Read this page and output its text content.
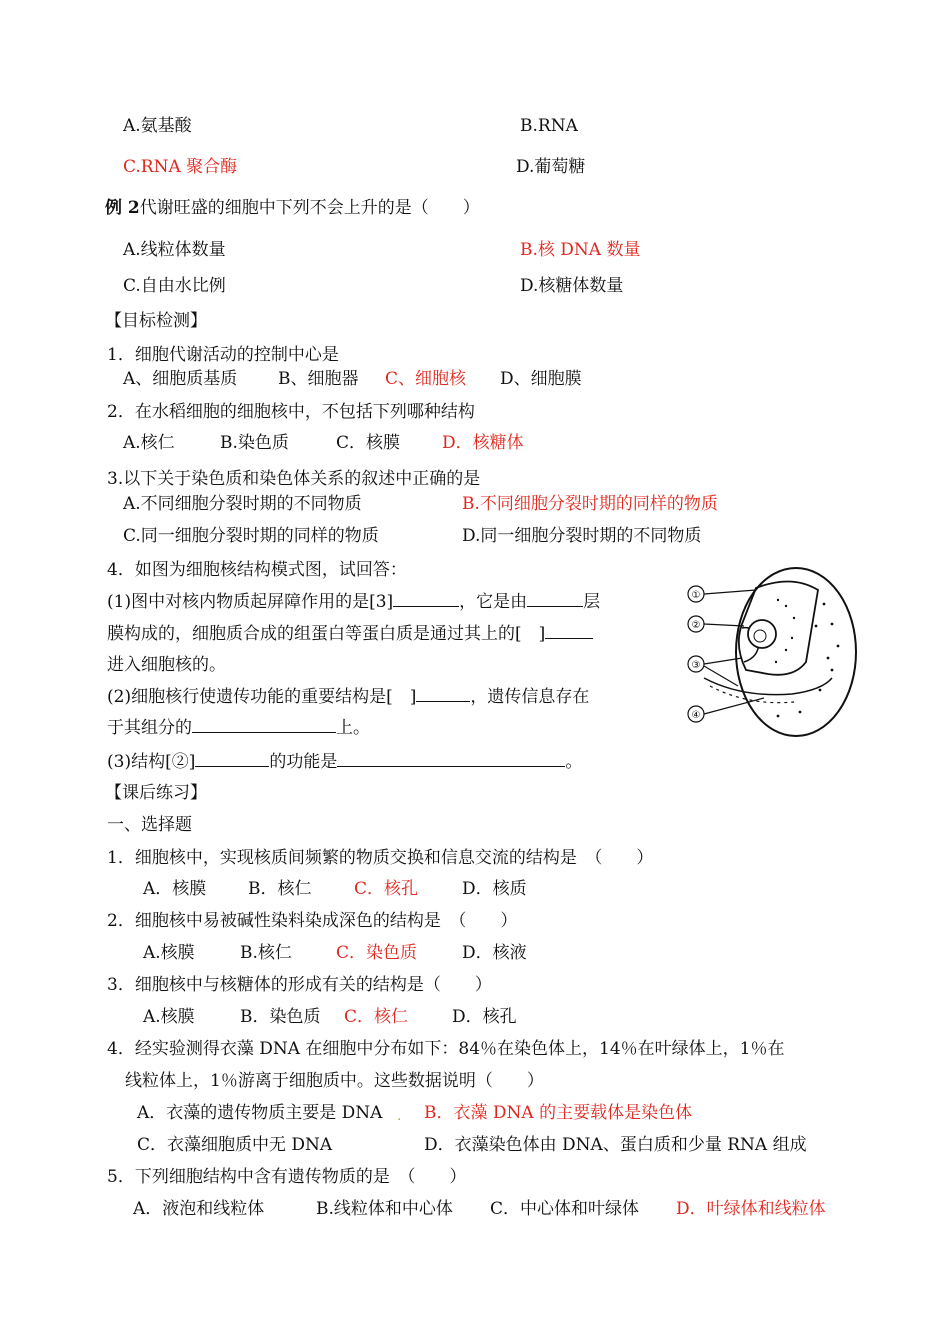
A.氨基酸	B.RNA
C.RNA 聚合酶	D.葡萄糖
例 2代谢旺盛的细胞中下列不会上升的是（　　）
A.线粒体数量	B.核 DNA 数量
C.自由水比例	D.核糖体数量
【目标检测】
1．细胞代谢活动的控制中心是
A、细胞质基质 B、细胞器 C、细胞核 D、细胞膜
2．在水稻细胞的细胞核中，不包括下列哪种结构
A.核仁	B.染色质	C．核膜 D．核糖体
3.以下关于染色质和染色体关系的叙述中正确的是
A.不同细胞分裂时期的不同物质	B.不同细胞分裂时期的同样的物质
C.同一细胞分裂时期的同样的物质	D.同一细胞分裂时期的不同物质
4．如图为细胞核结构模式图，试回答：
(1)图中对核内物质起屏障作用的是[3]	，它是由	层
膜构成的，细胞质合成的组蛋白等蛋白质是通过其上的[　]
进入细胞核的。
(2)细胞核行使遗传功能的重要结构是[　]	，遗传信息存在
于其组分的	上。
(3)结构[②]	的功能是	。
①
②
③
④
【课后练习】
一、选择题
1．细胞核中，实现核质间频繁的物质交换和信息交流的结构是　（　　）
A．核膜 B．核仁	C．核孔	D．核质
2．细胞核中易被碱性染料染成深色的结构是　（　　）
A.核膜	B.核仁	C．染色质	D．核液
3．细胞核中与核糖体的形成有关的结构是（　　）
A.核膜	B．染色质 C．核仁	D．核孔
4．经实验测得衣藻 DNA 在细胞中分布如下：84％在染色体上，14％在叶绿体上，1％在
线粒体上，1％游离于细胞质中。这些数据说明（　　）
A．衣藻的遗传物质主要是 DNA . B．衣藻 DNA 的主要载体是染色体
C．衣藻细胞质中无 DNA	D．衣藻染色体由 DNA、蛋白质和少量 RNA 组成
5．下列细胞结构中含有遗传物质的是　（　　）
A．液泡和线粒体	B.线粒体和中心体 C．中心体和叶绿体 D．叶绿体和线粒体
